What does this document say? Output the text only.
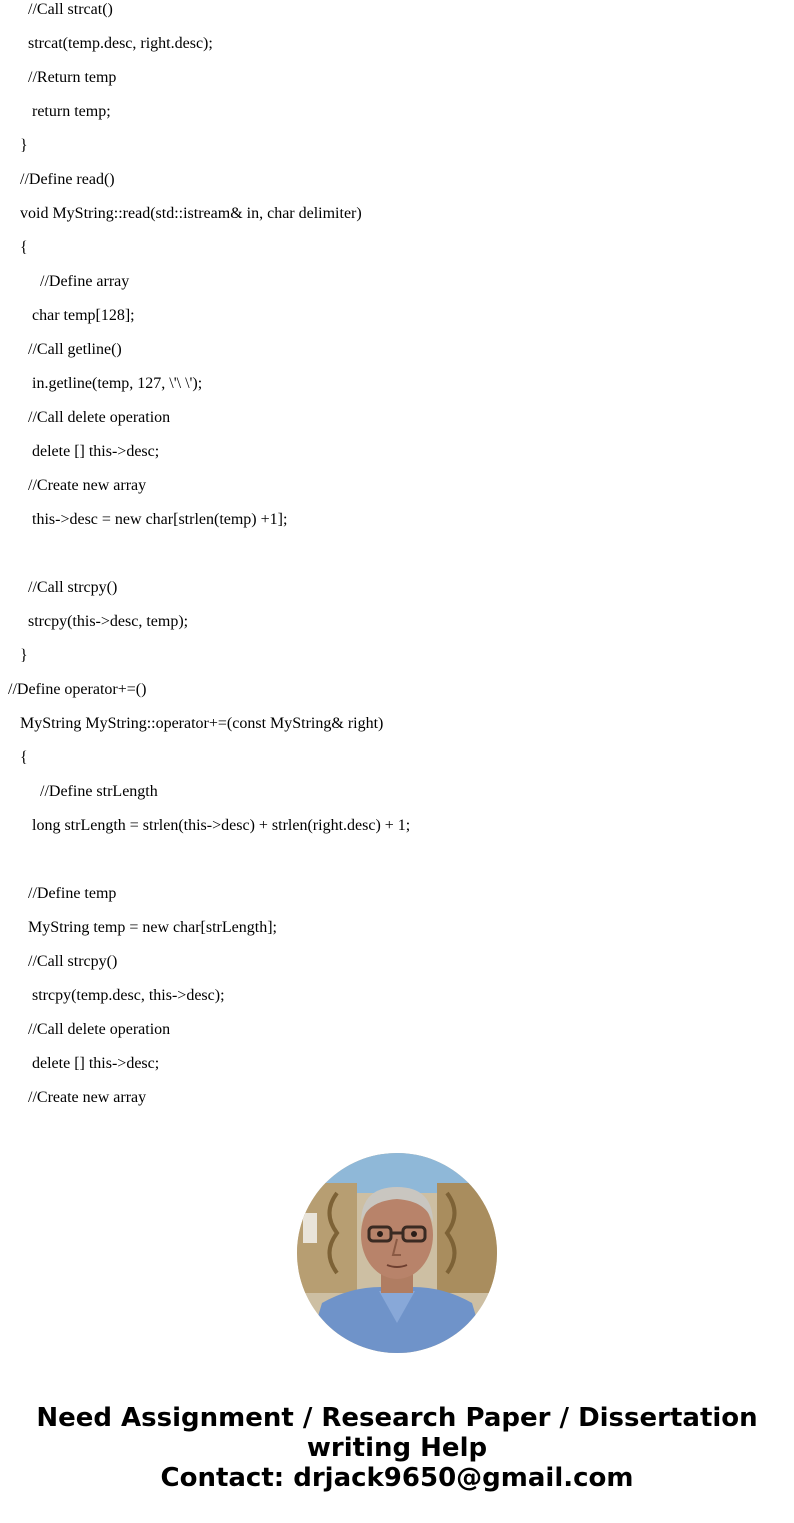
//Call strcat()
strcat(temp.desc, right.desc);
//Return temp
return temp;
}
//Define read()
void MyString::read(std::istream& in, char delimiter)
{
//Define array
char temp[128];
//Call getline()
in.getline(temp, 127, \'\ \');
//Call delete operation
delete [] this->desc;
//Create new array
this->desc = new char[strlen(temp) +1];
//Call strcpy()
strcpy(this->desc, temp);
}
//Define operator+=()
MyString MyString::operator+=(const MyString& right)
{
//Define strLength
long strLength = strlen(this->desc) + strlen(right.desc) + 1;
//Define temp
MyString temp = new char[strLength];
//Call strcpy()
strcpy(temp.desc, this->desc);
//Call delete operation
delete [] this->desc;
//Create new array
Need Assignment / Research Paper / Dissertation
writing Help
Contact: drjack9650@gmail.com
